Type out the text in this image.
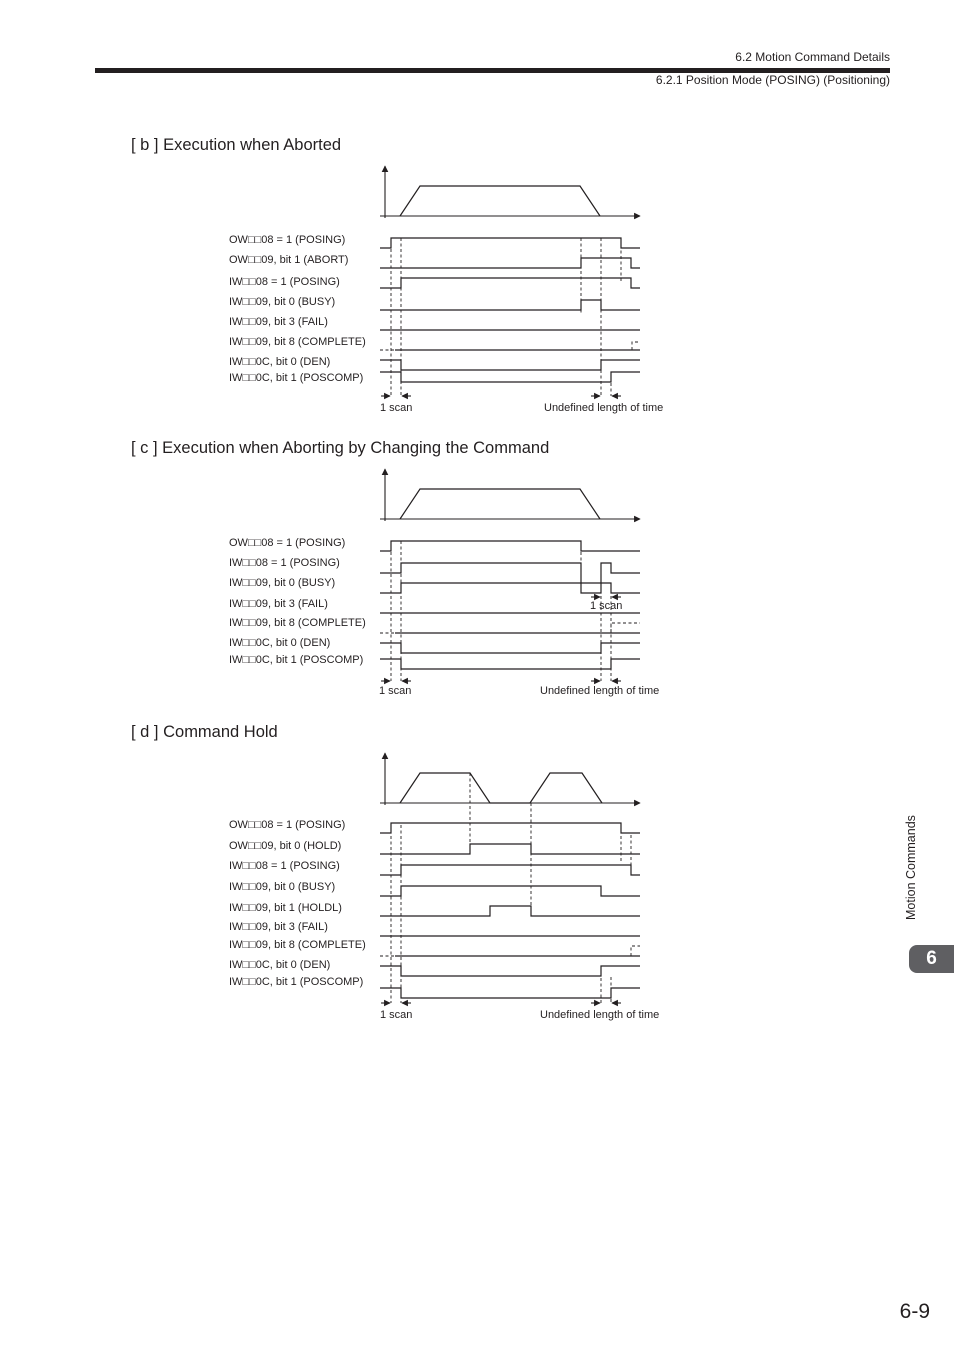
6.2 Motion Command Details
6.2.1 Position Mode (POSING) (Positioning)
[ b ] Execution when Aborted
OW□□08 = 1 (POSING)
OW□□09, bit 1 (ABORT)
IW□□08 = 1 (POSING)
IW□□09, bit 0 (BUSY)
IW□□09, bit 3 (FAIL)
IW□□09, bit 8 (COMPLETE)
IW□□0C, bit 0 (DEN)
IW□□0C, bit 1 (POSCOMP)
1 scan	Undefined length of time
[ c ] Execution when Aborting by Changing the Command
OW□□08 = 1 (POSING)
IW□□08 = 1 (POSING)
IW□□09, bit 0 (BUSY)
IW□□09, bit 3 (FAIL)
IW□□09, bit 8 (COMPLETE)
IW□□0C, bit 0 (DEN)
IW□□0C, bit 1 (POSCOMP)
1 scan
1 scan	Undefined length of time
[ d ] Command Hold
OW□□08 = 1 (POSING)
OW□□09, bit 0 (HOLD)
IW□□08 = 1 (POSING)
IW□□09, bit 0 (BUSY)
IW□□09, bit 1 (HOLDL)
IW□□09, bit 3 (FAIL)
IW□□09, bit 8 (COMPLETE)
IW□□0C, bit 0 (DEN)
IW□□0C, bit 1 (POSCOMP)
1 scan	Undefined length of time
Motion Commands
6
6-9
